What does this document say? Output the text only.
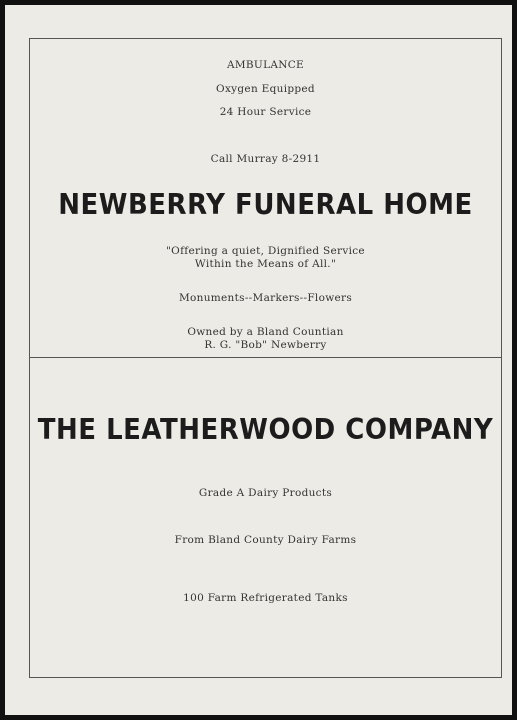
AMBULANCE
Oxygen Equipped
24 Hour Service
Call Murray 8-2911
NEWBERRY FUNERAL HOME
"Offering a quiet, Dignified Service
Within the Means of All."
Monuments--Markers--Flowers
Owned by a Bland Countian
R. G. "Bob" Newberry
THE LEATHERWOOD COMPANY
Grade A Dairy Products
From Bland County Dairy Farms
100 Farm Refrigerated Tanks
